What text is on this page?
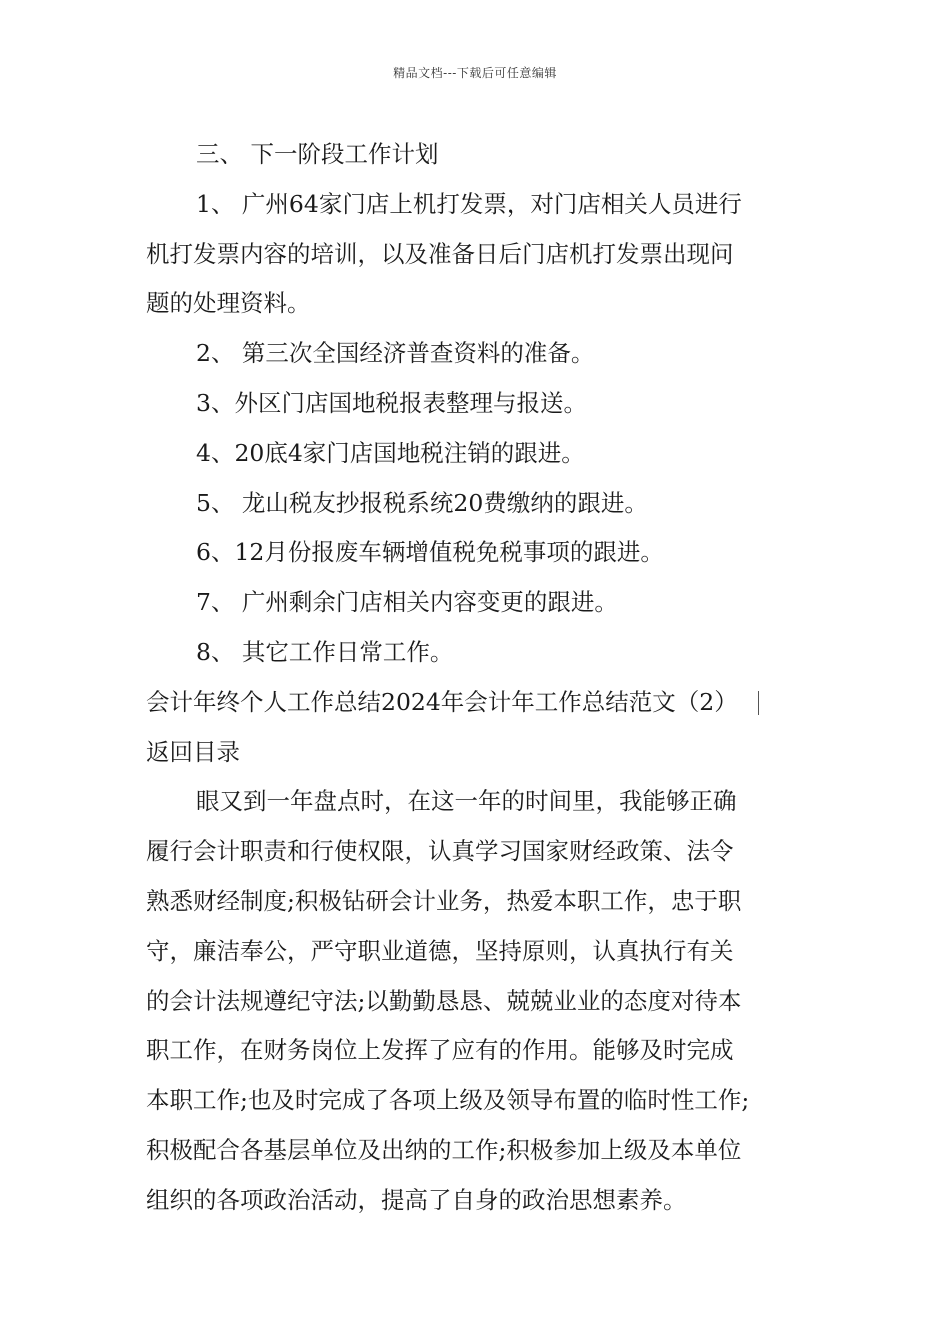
精品文档---下载后可任意编辑
三、 下一阶段工作计划
1、 广州64家门店上机打发票，对门店相关人员进行
机打发票内容的培训，以及准备日后门店机打发票出现问
题的处理资料。
2、 第三次全国经济普查资料的准备。
3、外区门店国地税报表整理与报送。
4、20底4家门店国地税注销的跟进。
5、 龙山税友抄报税系统20费缴纳的跟进。
6、12月份报废车辆增值税免税事项的跟进。
7、 广州剩余门店相关内容变更的跟进。
8、 其它工作日常工作。
会计年终个人工作总结2024年会计年工作总结范文（2）
返回目录
眼又到一年盘点时，在这一年的时间里，我能够正确
履行会计职责和行使权限，认真学习国家财经政策、法令
熟悉财经制度;积极钻研会计业务，热爱本职工作，忠于职
守，廉洁奉公，严守职业道德，坚持原则，认真执行有关
的会计法规遵纪守法;以勤勤恳恳、兢兢业业的态度对待本
职工作，在财务岗位上发挥了应有的作用。能够及时完成
本职工作;也及时完成了各项上级及领导布置的临时性工作;
积极配合各基层单位及出纳的工作;积极参加上级及本单位
组织的各项政治活动，提高了自身的政治思想素养。
